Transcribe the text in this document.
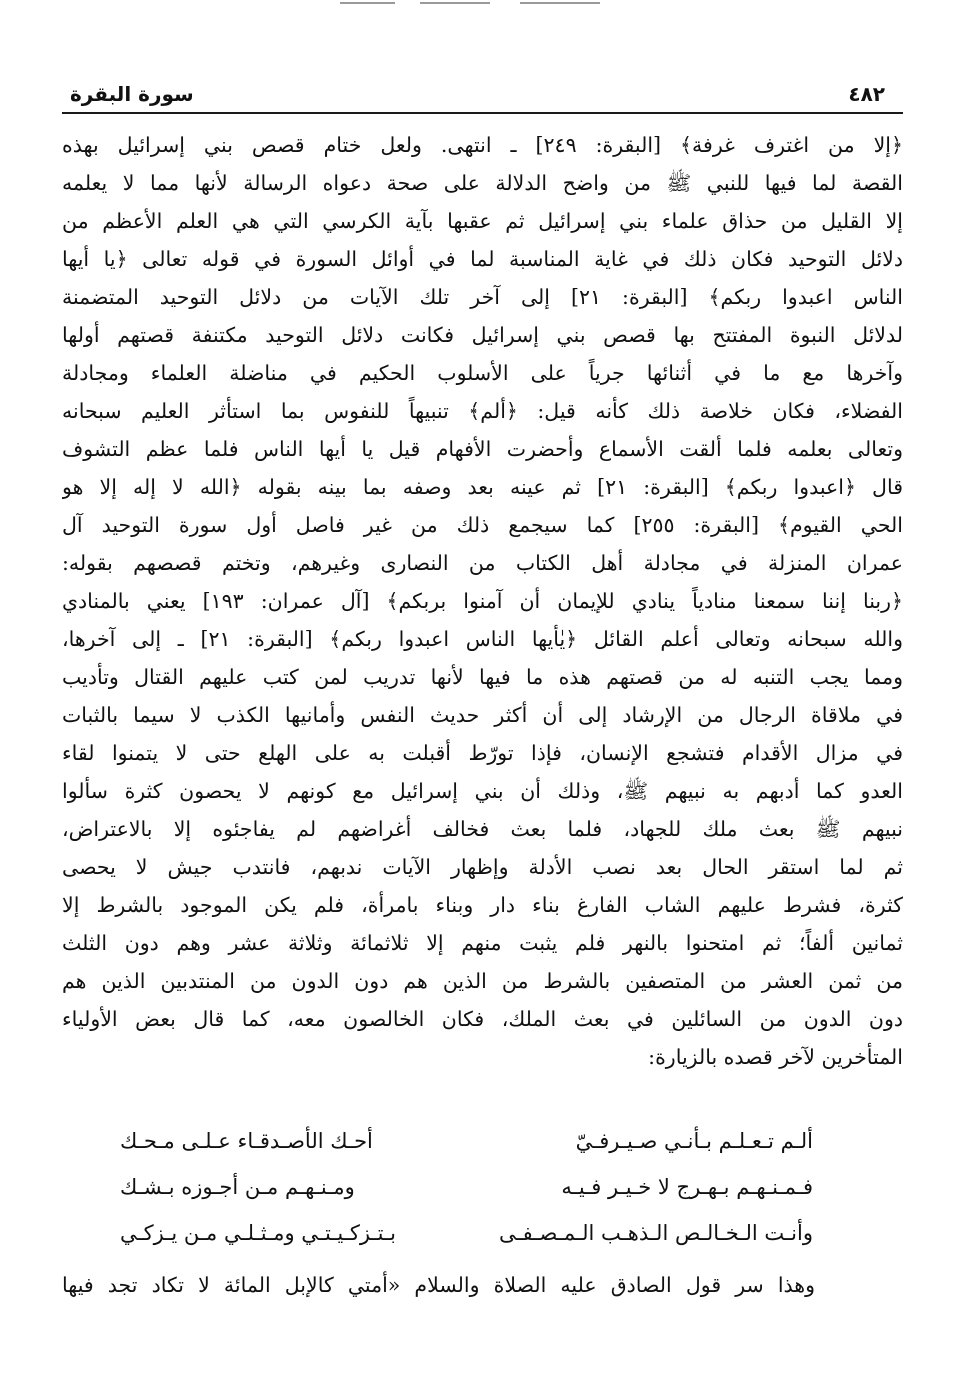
٤٨٢
سورة البقرة
﴿إلا من اغترف غرفة﴾ [البقرة: ٢٤٩] ـ انتهى. ولعل ختام قصص بني إسرائيل بهذه
القصة لما فيها للنبي ﷺ من واضح الدلالة على صحة دعواه الرسالة لأنها مما لا يعلمه
إلا القليل من حذاق علماء بني إسرائيل ثم عقبها بآية الكرسي التي هي العلم الأعظم من
دلائل التوحيد فكان ذلك في غاية المناسبة لما في أوائل السورة في قوله تعالى ﴿يا أيها
الناس اعبدوا ربكم﴾ [البقرة: ٢١] إلى آخر تلك الآيات من دلائل التوحيد المتضمنة
لدلائل النبوة المفتتح بها قصص بني إسرائيل فكانت دلائل التوحيد مكتنفة قصتهم أولها
وآخرها مع ما في أثنائها جرياً على الأسلوب الحكيم في مناضلة العلماء ومجادلة
الفضلاء، فكان خلاصة ذلك كأنه قيل: ﴿ألم﴾ تنبيهاً للنفوس بما استأثر العليم سبحانه
وتعالى بعلمه فلما ألقت الأسماع وأحضرت الأفهام قيل يا أيها الناس فلما عظم التشوف
قال ﴿اعبدوا ربكم﴾ [البقرة: ٢١] ثم عينه بعد وصفه بما بينه بقوله ﴿الله لا إله إلا هو
الحي القيوم﴾ [البقرة: ٢٥٥] كما سيجمع ذلك من غير فاصل أول سورة التوحيد آل
عمران المنزلة في مجادلة أهل الكتاب من النصارى وغيرهم، وتختم قصصهم بقوله:
﴿ربنا إننا سمعنا منادياً ينادي للإيمان أن آمنوا بربكم﴾ [آل عمران: ١٩٣] يعني بالمنادي
والله سبحانه وتعالى أعلم القائل ﴿يٰأيها الناس اعبدوا ربكم﴾ [البقرة: ٢١] ـ إلى آخرها،
ومما يجب التنبه له من قصتهم هذه ما فيها لأنها تدريب لمن كتب عليهم القتال وتأديب
في ملاقاة الرجال من الإرشاد إلى أن أكثر حديث النفس وأمانيها الكذب لا سيما بالثبات
في مزال الأقدام فتشجع الإنسان، فإذا تورّط أقبلت به على الهلع حتى لا يتمنوا لقاء
العدو كما أدبهم به نبيهم ﷺ، وذلك أن بني إسرائيل مع كونهم لا يحصون كثرة سألوا
نبيهم ﷺ بعث ملك للجهاد، فلما بعث فخالف أغراضهم لم يفاجئوه إلا بالاعتراض،
ثم لما استقر الحال بعد نصب الأدلة وإظهار الآيات ندبهم، فانتدب جيش لا يحصى
كثرة، فشرط عليهم الشاب الفارغ بناء دار وبناء بامرأة، فلم يكن الموجود بالشرط إلا
ثمانين ألفاً؛ ثم امتحنوا بالنهر فلم يثبت منهم إلا ثلاثمائة وثلاثة عشر وهم دون الثلث
من ثمن العشر من المتصفين بالشرط من الذين هم دون الدون من المنتدبين الذين هم
دون الدون من السائلين في بعث الملك، فكان الخالصون معه، كما قال بعض الأولياء
المتأخرين لآخر قصده بالزيارة:
ألـم تـعـلـم بـأنـي صـيـرفـيّ
أحـك الأصـدقـاء عـلـى مـحـك
فـمـنـهـم بـهـرج لا خـيـر فـيـه
ومـنـهـم مـن أجـوزه بـشـك
وأنـت الـخـالـص الـذهـب الـمـصـفـى
بـتـزكـيـتـي ومـثـلـي مـن يـزكـي
وهذا سر قول الصادق عليه الصلاة والسلام «أمتي كالإبل المائة لا تكاد تجد فيها
